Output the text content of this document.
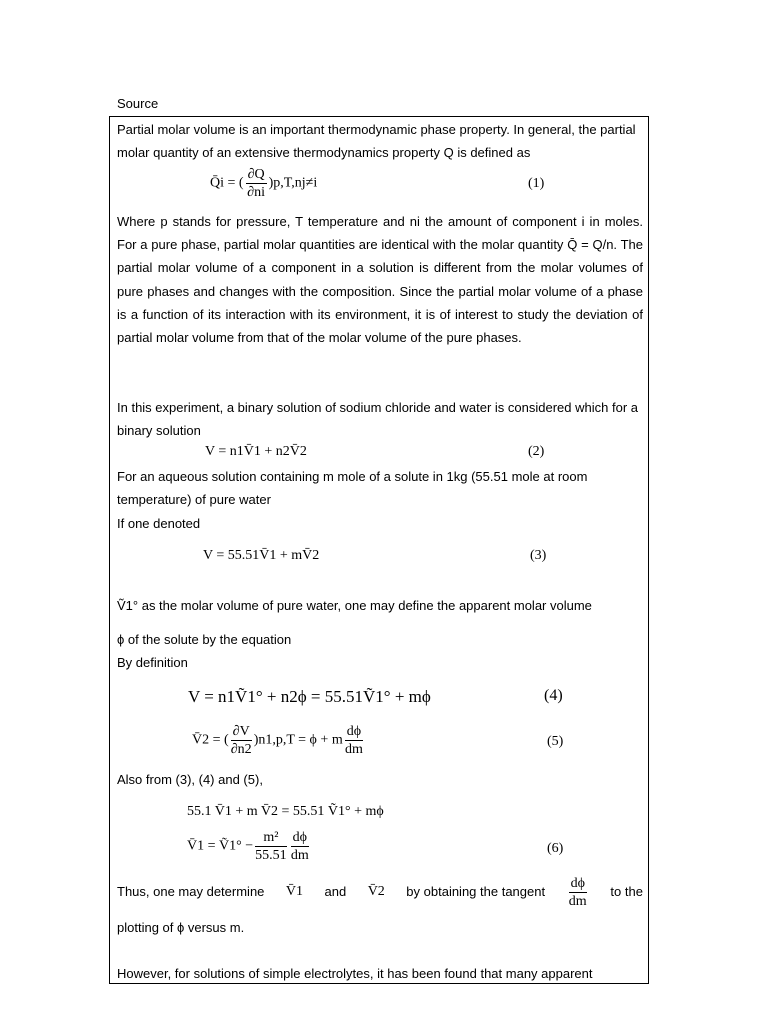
Source

Partial molar volume is an important thermodynamic phase property. In general, the partial molar quantity of an extensive thermodynamics property Q is defined as

Q̄i = ( $\frac{\partial Q}{\partial ni} )p,T,nj\ne i$	(1)

Where p stands for pressure, T temperature and ni the amount of component i in moles. For a pure phase, partial molar quantities are identical with the molar quantity Q̄ = Q/n. The partial molar volume of a component in a solution is different from the molar volumes of pure phases and changes with the composition. Since the partial molar volume of a phase is a function of its interaction with its environment, it is of interest to study the deviation of partial molar volume from that of the molar volume of the pure phases.

In this experiment, a binary solution of sodium chloride and water is considered which for a binary solution

V = n1V̄1 + n2V̄2	(2)

For an aqueous solution containing m mole of a solute in 1kg (55.51 mole at room temperature) of pure water

If one denoted

V = 55.51V̄1 + mV̄2	(3)

Ṽ1° as the molar volume of pure water, one may define the apparent molar volume

ϕ of the solute by the equation

By definition

V = n1Ṽ1° + n2ϕ = 55.51Ṽ1° + mϕ	(4)
V̄2 = ( $\frac{\partial V}{\partial n2} )n1,p,T = \phi + m \frac{d\phi}{dm}$	(5)

Also from (3), (4) and (5),

55.1 V̄1 + m V̄2 = 55.51 Ṽ1° + mϕ
V̄1 = Ṽ1° − $\frac{\text{m²}}{55.51} \frac{d\phi}{dm}$	(6)
Thus, one may determine V̄1 and V̄2 by obtaining the tangent $\frac{d\phi}{dm}$ to the

plotting of ϕ versus m.

However, for solutions of simple electrolytes, it has been found that many apparent
